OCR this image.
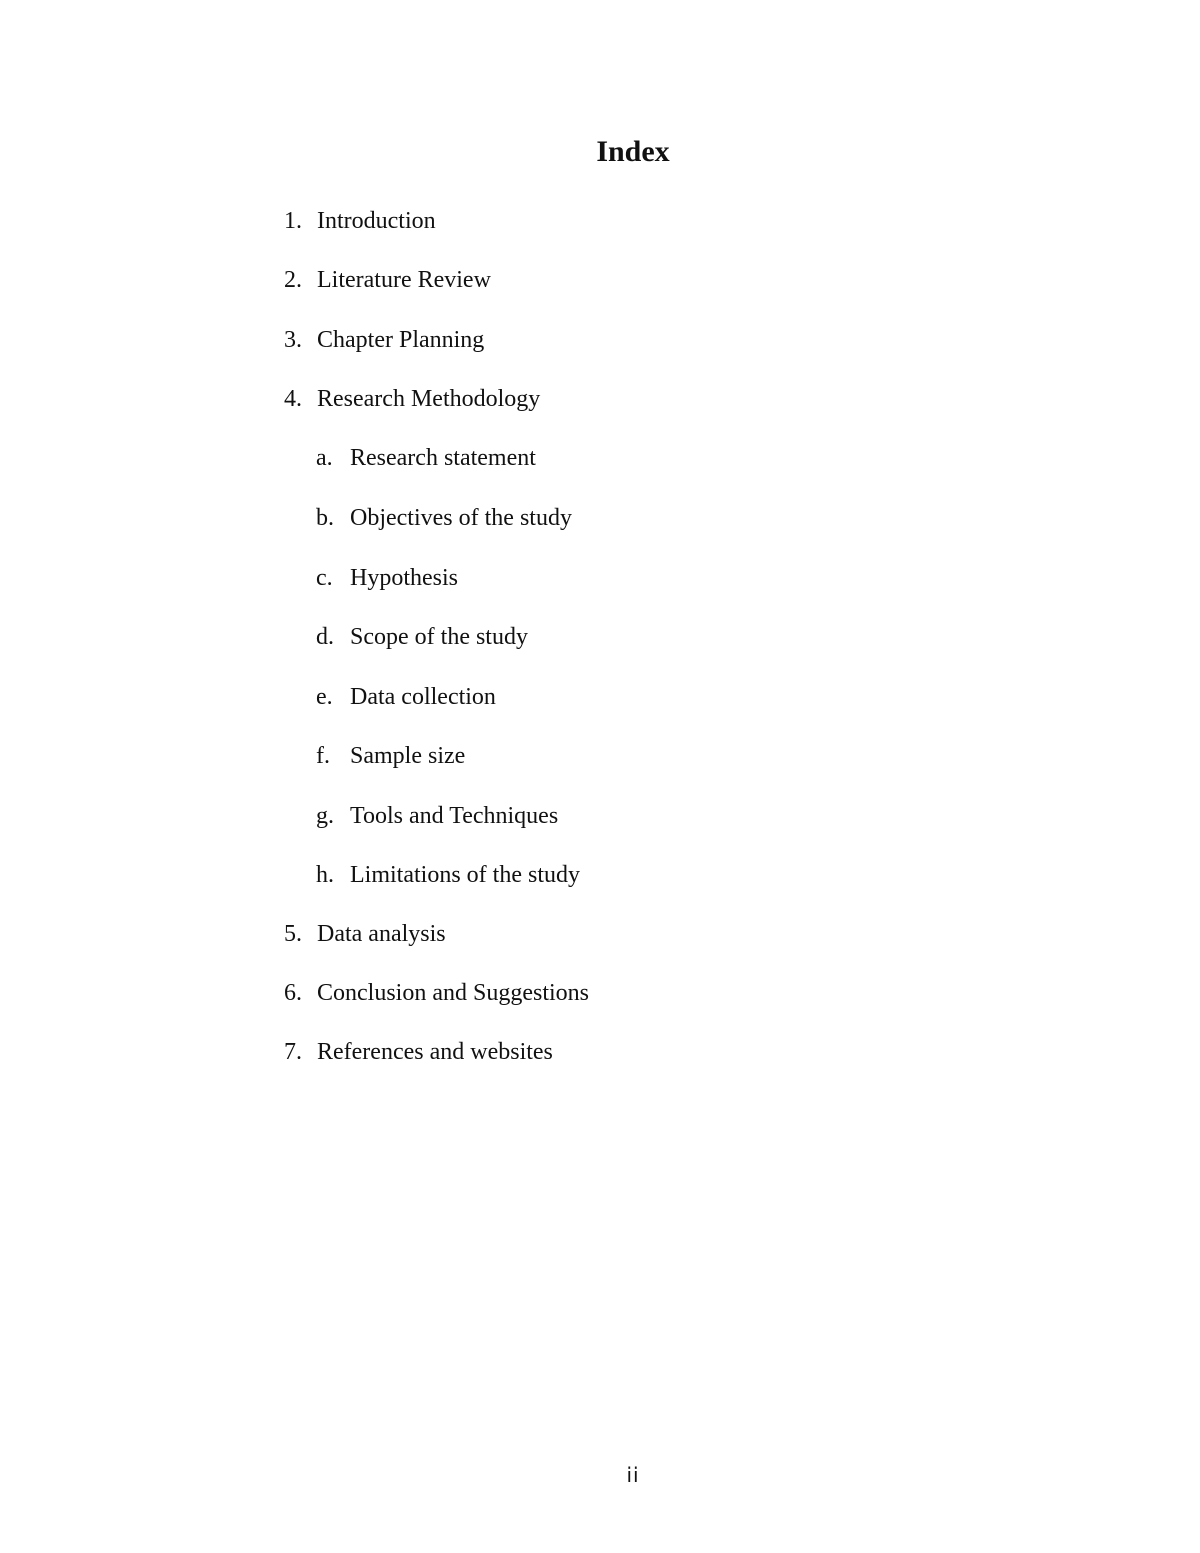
Index
1. Introduction
2. Literature Review
3. Chapter Planning
4. Research Methodology
a. Research statement
b. Objectives of the study
c. Hypothesis
d. Scope of the study
e. Data collection
f. Sample size
g. Tools and Techniques
h. Limitations of the study
5. Data analysis
6. Conclusion and Suggestions
7. References and websites
ii
